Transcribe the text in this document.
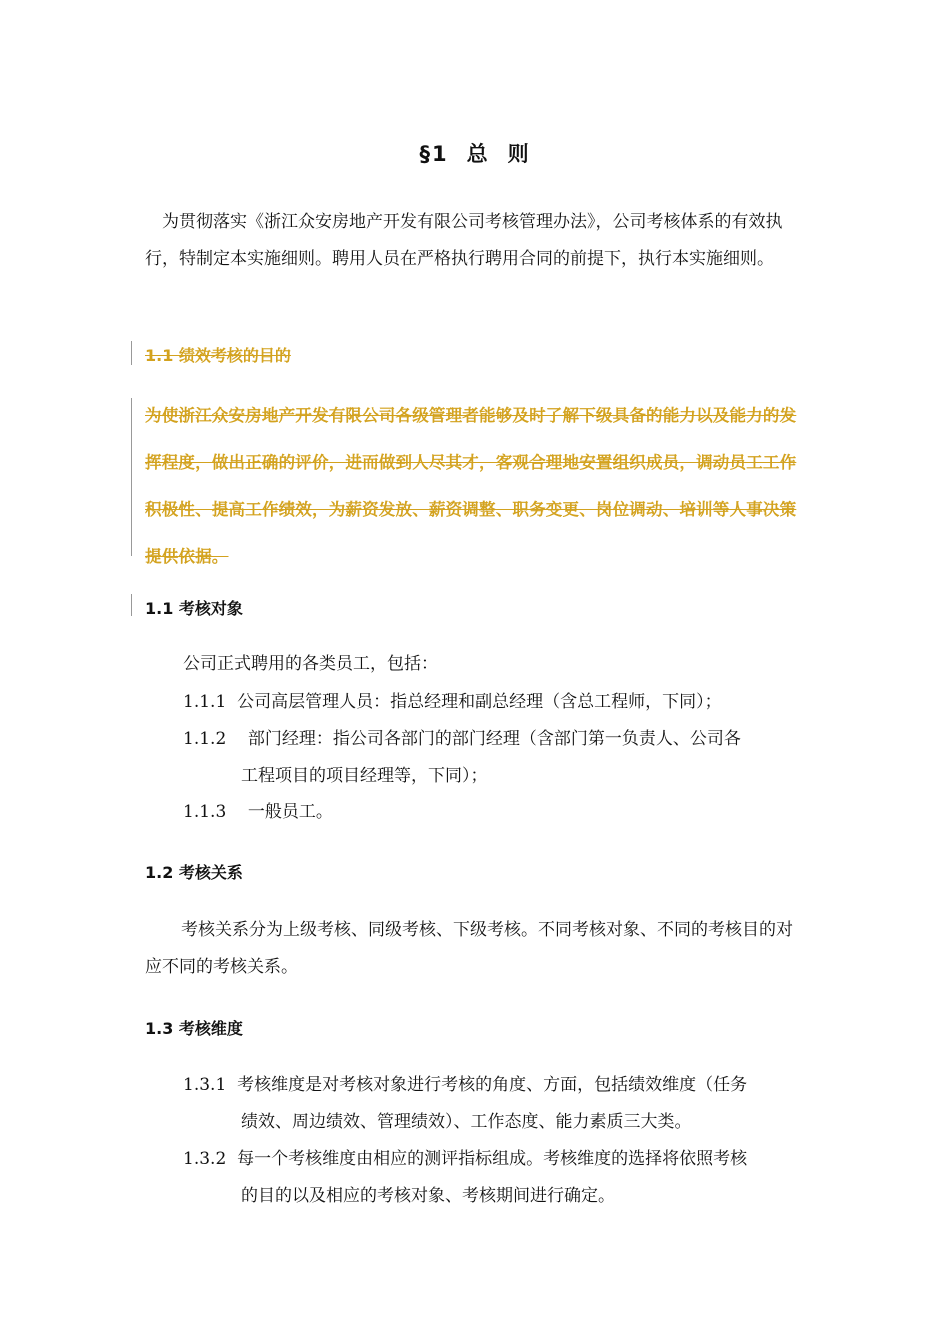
§1 总 则
为贯彻落实《浙江众安房地产开发有限公司考核管理办法》，公司考核体系的有效执行，特制定本实施细则。聘用人员在严格执行聘用合同的前提下，执行本实施细则。
1.1 绩效考核的目的
为使浙江众安房地产开发有限公司各级管理者能够及时了解下级具备的能力以及能力的发挥程度，做出正确的评价，进而做到人尽其才，客观合理地安置组织成员，调动员工工作积极性、提高工作绩效，为薪资发放、薪资调整、职务变更、岗位调动、培训等人事决策提供依据。
1.1 考核对象
公司正式聘用的各类员工，包括：
1.1.1 公司高层管理人员：指总经理和副总经理（含总工程师，下同）；
1.1.2 部门经理：指公司各部门的部门经理（含部门第一负责人、公司各
工程项目的项目经理等，下同）；
1.1.3 一般员工。
1.2 考核关系
考核关系分为上级考核、同级考核、下级考核。不同考核对象、不同的考核目的对应不同的考核关系。
1.3 考核维度
1.3.1 考核维度是对考核对象进行考核的角度、方面，包括绩效维度（任务
绩效、周边绩效、管理绩效）、工作态度、能力素质三大类。
1.3.2 每一个考核维度由相应的测评指标组成。考核维度的选择将依照考核
的目的以及相应的考核对象、考核期间进行确定。
